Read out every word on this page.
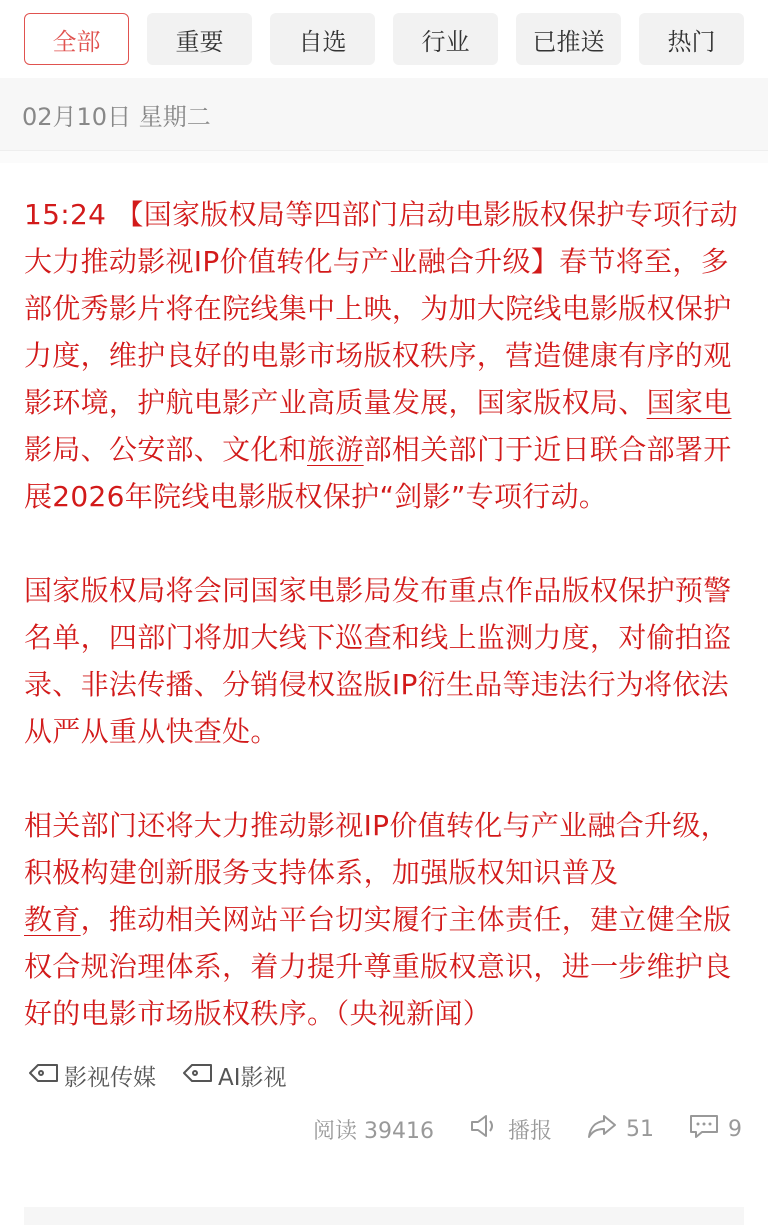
全部	重要	自选	行业	已推送	热门
02月10日 星期二

15:24 【国家版权局等四部门启动电影版权保护专项行动 大力推动影视IP价值转化与产业融合升级】春节将至，多部优秀影片将在院线集中上映，为加大院线电影版权保护力度，维护良好的电影市场版权秩序，营造健康有序的观影环境，护航电影产业高质量发展，国家版权局、国家电影局、公安部、文化和旅游部相关部门于近日联合部署开展2026年院线电影版权保护“剑影”专项行动。

国家版权局将会同国家电影局发布重点作品版权保护预警名单，四部门将加大线下巡查和线上监测力度，对偷拍盗录、非法传播、分销侵权盗版IP衍生品等违法行为将依法从严从重从快查处。

相关部门还将大力推动影视IP价值转化与产业融合升级，积极构建创新服务支持体系，加强版权知识普及
教育，推动相关网站平台切实履行主体责任，建立健全版权合规治理体系，着力提升尊重版权意识，进一步维护良好的电影市场版权秩序。（央视新闻）

影视传媒	AI影视
阅读 39416	播报	51	9
